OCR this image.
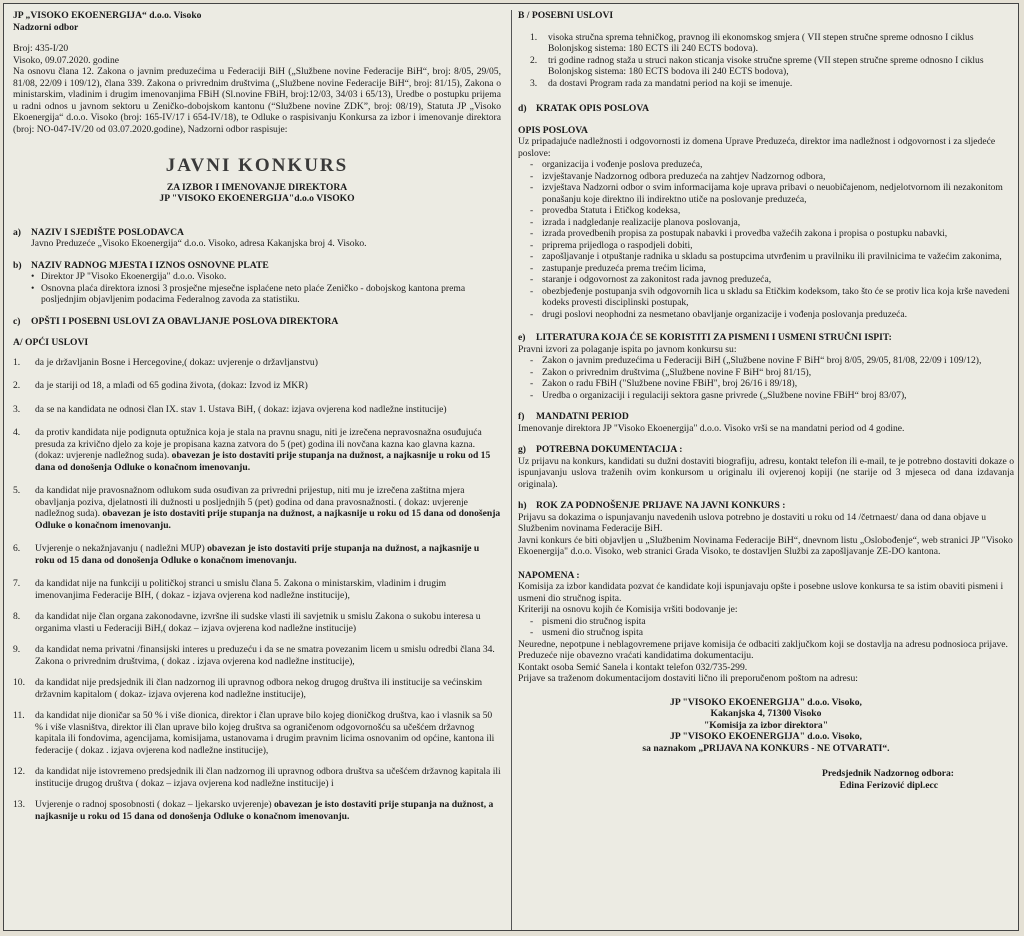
JP „VISOKO EKOENERGIJA“ d.o.o. Visoko

Nadzorni odbor

Broj: 435-I/20

Visoko, 09.07.2020. godine

Na osnovu člana 12. Zakona o javnim preduzećima u Federaciji BiH („Službene novine Federacije BiH“, broj: 8/05, 29/05, 81/08, 22/09 i 109/12), člana 339. Zakona o privrednim društvima („Službene novine Federacije BiH“, broj: 81/15), Zakona o ministarskim, vladinim i drugim imenovanjima FBiH (Sl.novine FBiH, broj:12/03, 34/03 i 65/13), Uredbe o postupku prijema u radni odnos u javnom sektoru u Zeničko-dobojskom kantonu (“Službene novine ZDK”, broj: 08/19), Statuta JP „Visoko Ekoenergija“ d.o.o. Visoko (broj: 165-IV/17 i 654-IV/18), te Odluke o raspisivanju Konkursa za izbor i imenovanje direktora (broj: NO-047-IV/20 od 03.07.2020.godine), Nadzorni odbor raspisuje:

JAVNI KONKURS

ZA IZBOR I IMENOVANJE DIREKTORA

JP "VISOKO EKOENERGIJA"d.o.o VISOKO

a)	NAZIV I SJEDIŠTE POSLODAVCA

Javno Preduzeće „Visoko Ekoenergija“ d.o.o. Visoko, adresa Kakanjska broj 4. Visoko.

b) NAZIV RADNOG MJESTA I IZNOS OSNOVNE PLATE
• Direktor JP "Visoko Ekoenergija" d.o.o. Visoko.
• Osnovna plaća direktora iznosi 3 prosječne mjesečne isplaćene neto plaće Zeničko - dobojskog kantona prema posljednjim objavljenim podacima Federalnog zavoda za statistiku.
c)	OPŠTI I POSEBNI USLOVI ZA OBAVLJANJE POSLOVA DIREKTORA

A/ OPĆI USLOVI

1.	da je državljanin Bosne i Hercegovine,( dokaz: uvjerenje o državljanstvu)
2.	da je stariji od 18, a mlađi od 65 godina života, (dokaz: Izvod iz MKR)
3.	da se na kandidata ne odnosi član IX. stav 1. Ustava BiH, ( dokaz: izjava ovjerena kod nadležne institucije)
4.	da protiv kandidata nije podignuta optužnica koja je stala na pravnu snagu, niti je izrečena nepravosnažna osuđujuća presuda za krivično djelo za koje je propisana kazna zatvora do 5 (pet) godina ili novčana kazna kao glavna kazna. (dokaz: uvjerenje nadležnog suda). obavezan je isto dostaviti prije stupanja na dužnost, a najkasnije u roku od 15 dana od donošenja Odluke o konačnom imenovanju.
5.	da kandidat nije pravosnažnom odlukom suda osuđivan za privredni prijestup, niti mu je izrečena zaštitna mjera obavljanja poziva, djelatnosti ili dužnosti u posljednjih 5 (pet) godina od dana pravosnažnosti. ( dokaz: uvjerenje nadležnog suda). obavezan je isto dostaviti prije stupanja na dužnost, a najkasnije u roku od 15 dana od donošenja Odluke o konačnom imenovanju.
6.	Uvjerenje o nekažnjavanju ( nadležni MUP) obavezan je isto dostaviti prije stupanja na dužnost, a najkasnije u roku od 15 dana od donošenja Odluke o konačnom imenovanju.
7.	da kandidat nije na funkciji u političkoj stranci u smislu člana 5. Zakona o ministarskim, vladinim i drugim imenovanjima Federacije BIH, ( dokaz - izjava ovjerena kod nadležne institucije),
8.	da kandidat nije član organa zakonodavne, izvršne ili sudske vlasti ili savjetnik u smislu Zakona o sukobu interesa u organima vlasti u Federaciji BiH,( dokaz – izjava ovjerena kod nadležne institucije)
9.	da kandidat nema privatni /finansijski interes u preduzeću i da se ne smatra povezanim licem u smislu odredbi člana 34. Zakona o privrednim društvima, ( dokaz . izjava ovjerena kod nadležne institucije),
10.	da kandidat nije predsjednik ili član nadzornog ili upravnog odbora nekog drugog društva ili institucije sa većinskim državnim kapitalom ( dokaz- izjava ovjerena kod nadležne institucije),
11.	da kandidat nije dioničar sa 50 % i više dionica, direktor i član uprave bilo kojeg dioničkog društva, kao i vlasnik sa 50 % i više vlasništva, direktor ili član uprave bilo kojeg društva sa ograničenom odgovornošću sa učešćem državnog kapitala ili fondovima, agencijama, komisijama, ustanovama i drugim pravnim licima osnovanim od općine, kantona ili federacije ( dokaz . izjava ovjerena kod nadležne institucije),
12.	da kandidat nije istovremeno predsjednik ili član nadzornog ili upravnog odbora društva sa učešćem državnog kapitala ili institucije drugog društva ( dokaz – izjava ovjerena kod nadležne institucije) i
13.	Uvjerenje o radnoj sposobnosti ( dokaz – ljekarsko uvjerenje) obavezan je isto dostaviti prije stupanja na dužnost, a najkasnije u roku od 15 dana od donošenja Odluke o konačnom imenovanju.

B / POSEBNI USLOVI

1.	visoka stručna sprema tehničkog, pravnog ili ekonomskog smjera ( VII stepen stručne spreme odnosno I ciklus Bolonjskog sistema: 180 ECTS ili 240 ECTS bodova).
2.	tri godine radnog staža u struci nakon sticanja visoke stručne spreme (VII stepen stručne spreme odnosno I ciklus Bolonjskog sistema: 180 ECTS bodova ili 240 ECTS bodova),
3.	da dostavi Program rada za mandatni period na koji se imenuje.
d) KRATAK OPIS POSLOVA

OPIS POSLOVA

Uz pripadajuće nadležnosti i odgovornosti iz domena Uprave Preduzeća, direktor ima nadležnost i odgovornost i za sljedeće poslove:

- organizacija i vođenje poslova preduzeća,
- izvještavanje Nadzornog odbora preduzeća na zahtjev Nadzornog odbora,
- izvještava Nadzorni odbor o svim informacijama koje uprava pribavi o neuobičajenom, nedjelotvornom ili nezakonitom ponašanju koje direktno ili indirektno utiče na poslovanje preduzeća,
- provedba Statuta i Etičkog kodeksa,
- izrada i nadgledanje realizacije planova poslovanja,
- izrada provedbenih propisa za postupak nabavki i provedba važećih zakona i propisa o postupku nabavki,
- priprema prijedloga o raspodjeli dobiti,
- zapošljavanje i otpuštanje radnika u skladu sa postupcima utvrđenim u pravilniku ili pravilnicima te važećim zakonima,
- zastupanje preduzeća prema trećim licima,
- staranje i odgovornost za zakonitost rada javnog preduzeća,
- obezbjeđenje postupanja svih odgovornih lica u skladu sa Etičkim kodeksom, tako što će se protiv lica koja krše navedeni kodeks provesti disciplinski postupak,
- drugi poslovi neophodni za nesmetano obavljanje organizacije i vođenja poslovanja preduzeća.
e)	LITERATURA KOJA ĆE SE KORISTITI ZA PISMENI I USMENI STRUČNI ISPIT:

Pravni izvori za polaganje ispita po javnom konkursu su:

- Zakon o javnim preduzećima u Federaciji BiH („Službene novine F BiH“ broj 8/05, 29/05, 81/08, 22/09 i 109/12),
- Zakon o privrednim društvima („Službene novine F BiH“ broj 81/15),
- Zakon o radu FBiH ("Službene novine FBiH", broj 26/16 i 89/18),
- Uredba o organizaciji i regulaciji sektora gasne privrede („Službene novine FBiH“ broj 83/07),
f)	MANDATNI PERIOD

Imenovanje direktora JP "Visoko Ekoenergija" d.o.o. Visoko vrši se na mandatni period od 4 godine.

g)	POTREBNA DOKUMENTACIJA :

Uz prijavu na konkurs, kandidati su dužni dostaviti biografiju, adresu, kontakt telefon ili e-mail, te je potrebno dostaviti dokaze o ispunjavanju uslova traženih ovim konkursom u originalu ili ovjerenoj kopiji (ne starije od 3 mjeseca od dana izdavanja originala).

h) ROK ZA PODNOŠENJE PRIJAVE NA JAVNI KONKURS :

Prijavu sa dokazima o ispunjavanju navedenih uslova potrebno je dostaviti u roku od 14 /četrnaest/ dana od dana objave u Službenim novinama Federacije BiH.

Javni konkurs će biti objavljen u „Službenim Novinama Federacije BiH“, dnevnom listu „Oslobođenje“, web stranici JP "Visoko Ekoenergija" d.o.o. Visoko, web stranici Grada Visoko, te dostavljen Službi za zapošljavanje ZE-DO kantona.

NAPOMENA :

Komisija za izbor kandidata pozvat će kandidate koji ispunjavaju opšte i posebne uslove konkursa te sa istim obaviti pismeni i usmeni dio stručnog ispita.

Kriteriji na osnovu kojih će Komisija vršiti bodovanje je:

- pismeni dio stručnog ispita
- usmeni dio stručnog ispita

Neuredne, nepotpune i neblagovremene prijave komisija će odbaciti zaključkom koji se dostavlja na adresu podnosioca prijave.

Preduzeće nije obavezno vraćati kandidatima dokumentaciju.

Kontakt osoba Semić Sanela i kontakt telefon 032/735-299.

Prijave sa traženom dokumentacijom dostaviti lično ili preporučenom poštom na adresu:

JP "VISOKO EKOENERGIJA" d.o.o. Visoko,

Kakanjska 4, 71300 Visoko

"Komisija za izbor direktora"

JP "VISOKO EKOENERGIJA" d.o.o. Visoko,

sa naznakom „PRIJAVA NA KONKURS - NE OTVARATI“.

Predsjednik Nadzornog odbora:

Edina Ferizović dipl.ecc
